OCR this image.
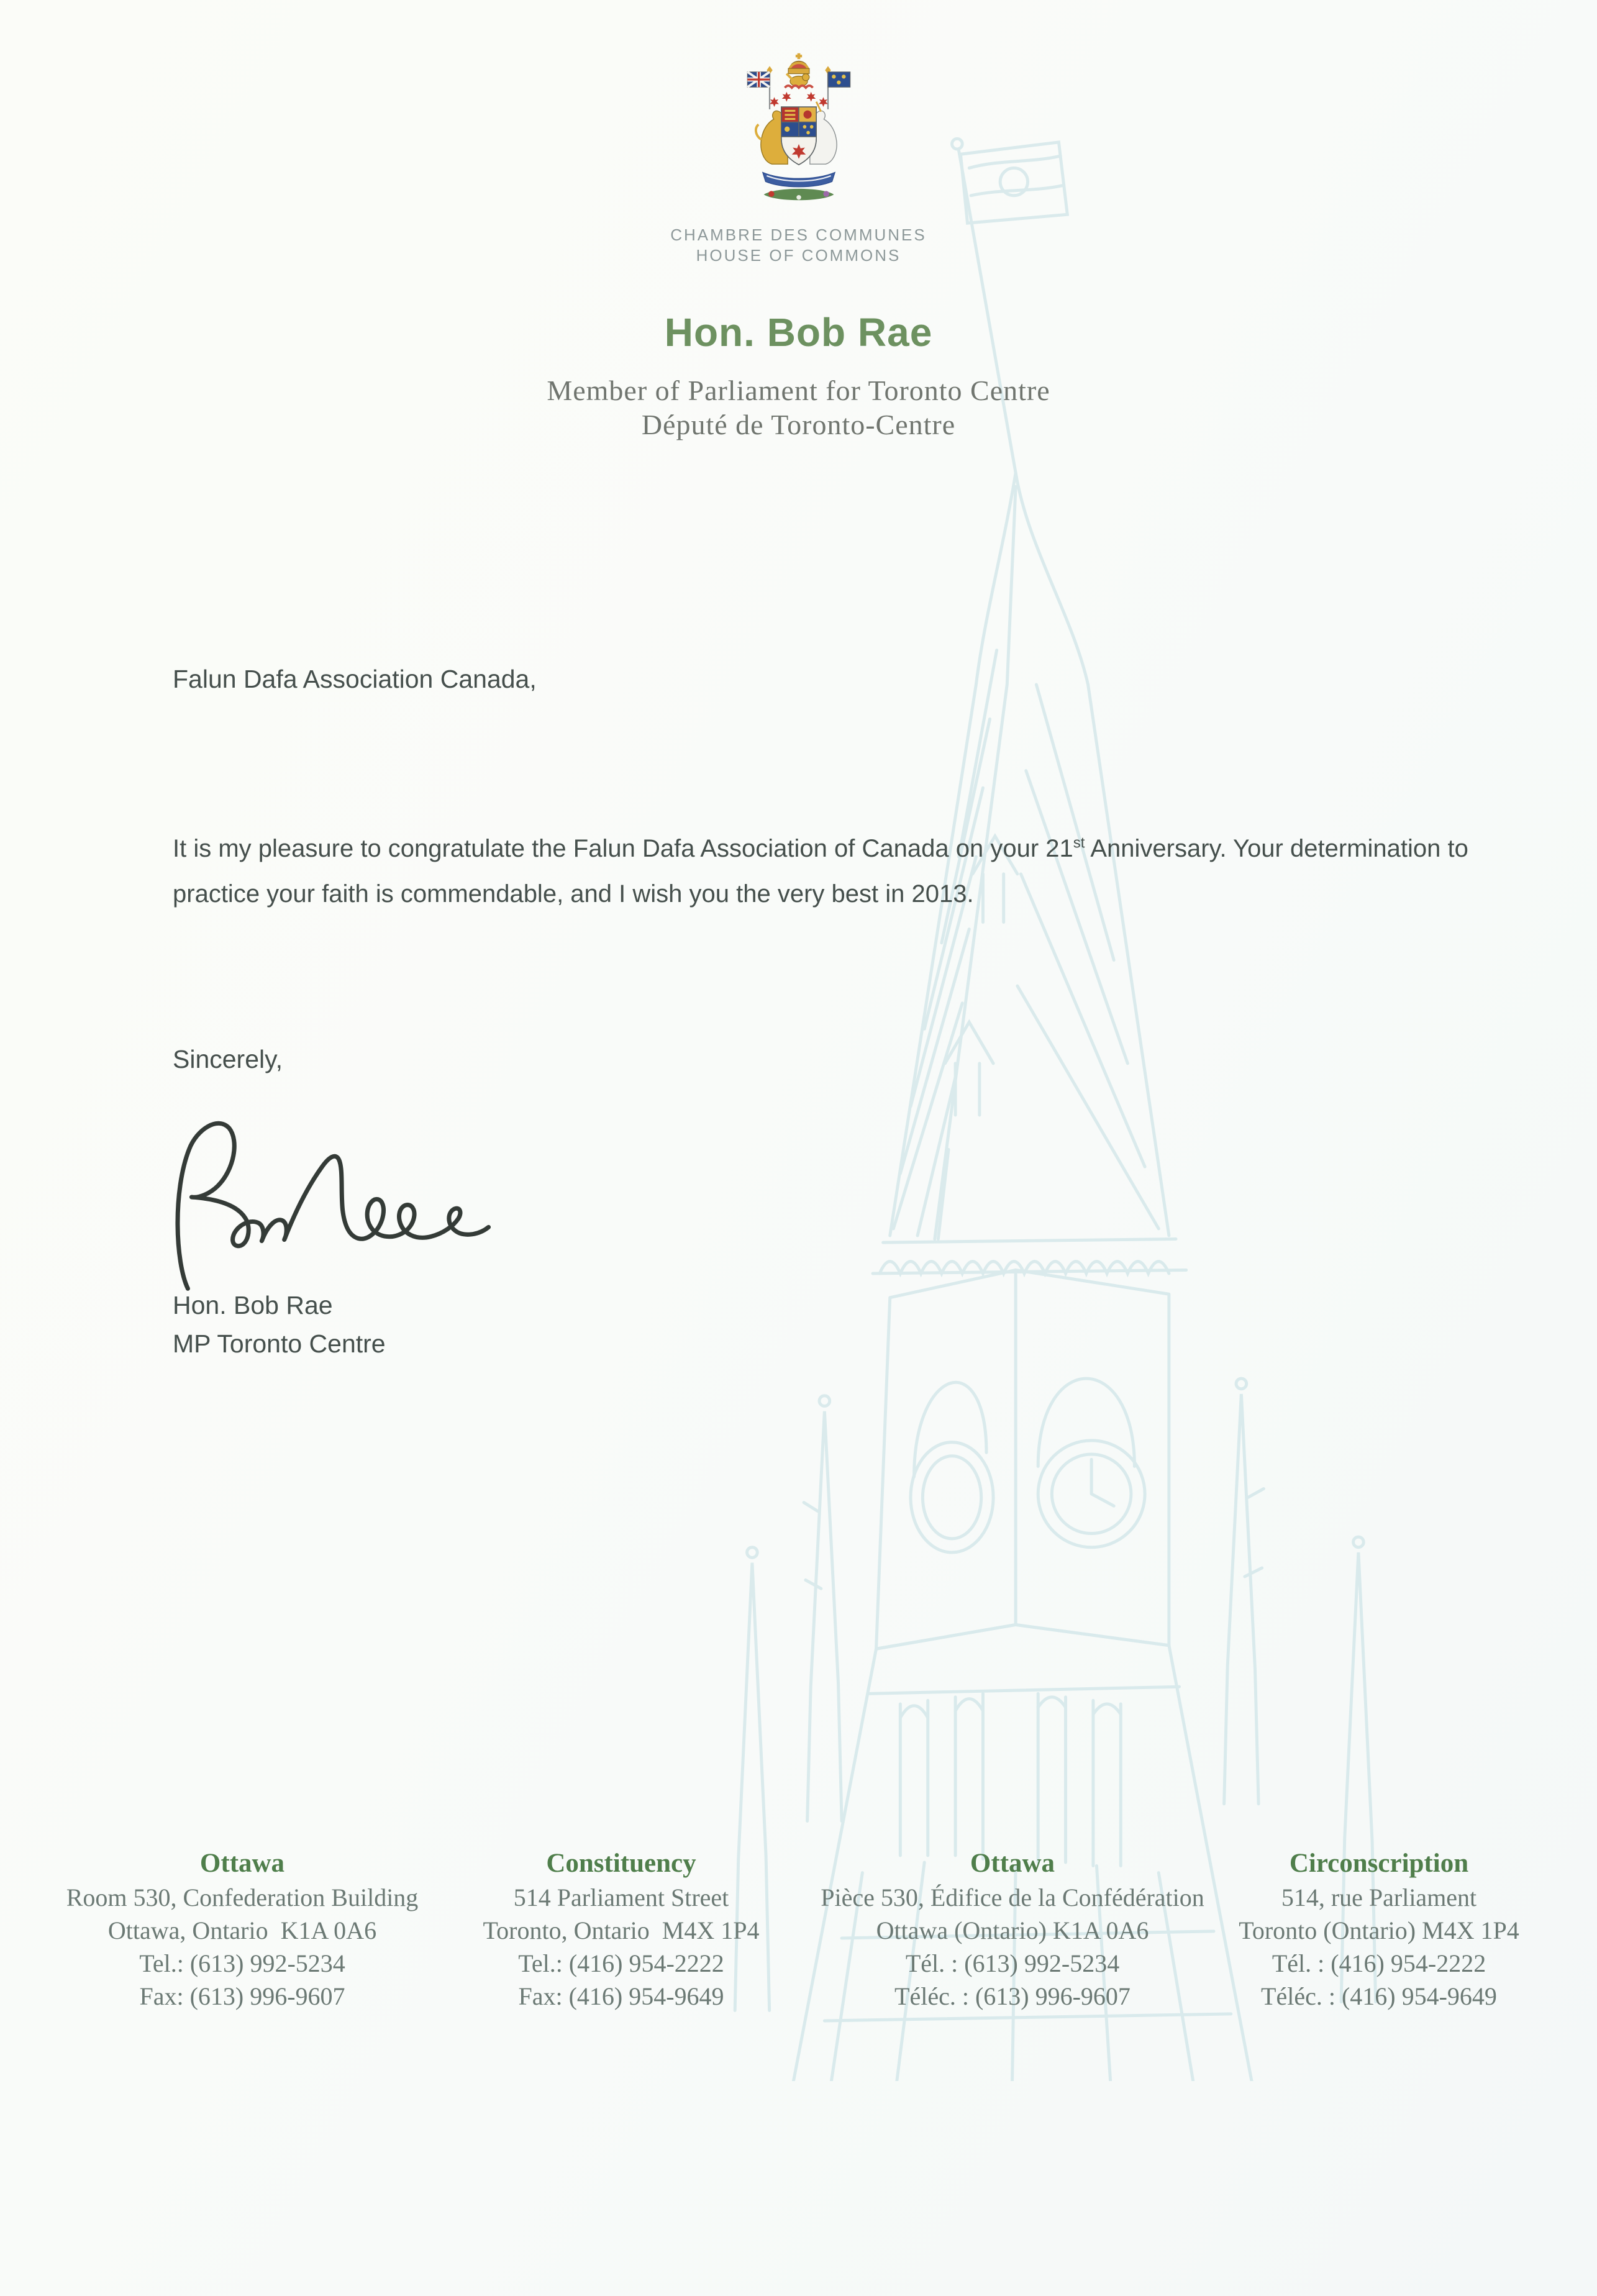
CHAMBRE DES COMMUNES
HOUSE OF COMMONS
Hon. Bob Rae
Member of Parliament for Toronto Centre
Député de Toronto-Centre
Falun Dafa Association Canada,

It is my pleasure to congratulate the Falun Dafa Association of Canada on your 21st Anniversary. Your determination to practice your faith is commendable, and I wish you the very best in 2013.

Sincerely,
Hon. Bob Rae
MP Toronto Centre
Ottawa
Room 530, Confederation Building
Ottawa, Ontario  K1A 0A6
Tel.: (613) 992-5234
Fax: (613) 996-9607
Constituency
514 Parliament Street
Toronto, Ontario  M4X 1P4
Tel.: (416) 954-2222
Fax: (416) 954-9649
Ottawa
Pièce 530, Édifice de la Confédération
Ottawa (Ontario) K1A 0A6
Tél. : (613) 992-5234
Téléc. : (613) 996-9607
Circonscription
514, rue Parliament
Toronto (Ontario) M4X 1P4
Tél. : (416) 954-2222
Téléc. : (416) 954-9649
